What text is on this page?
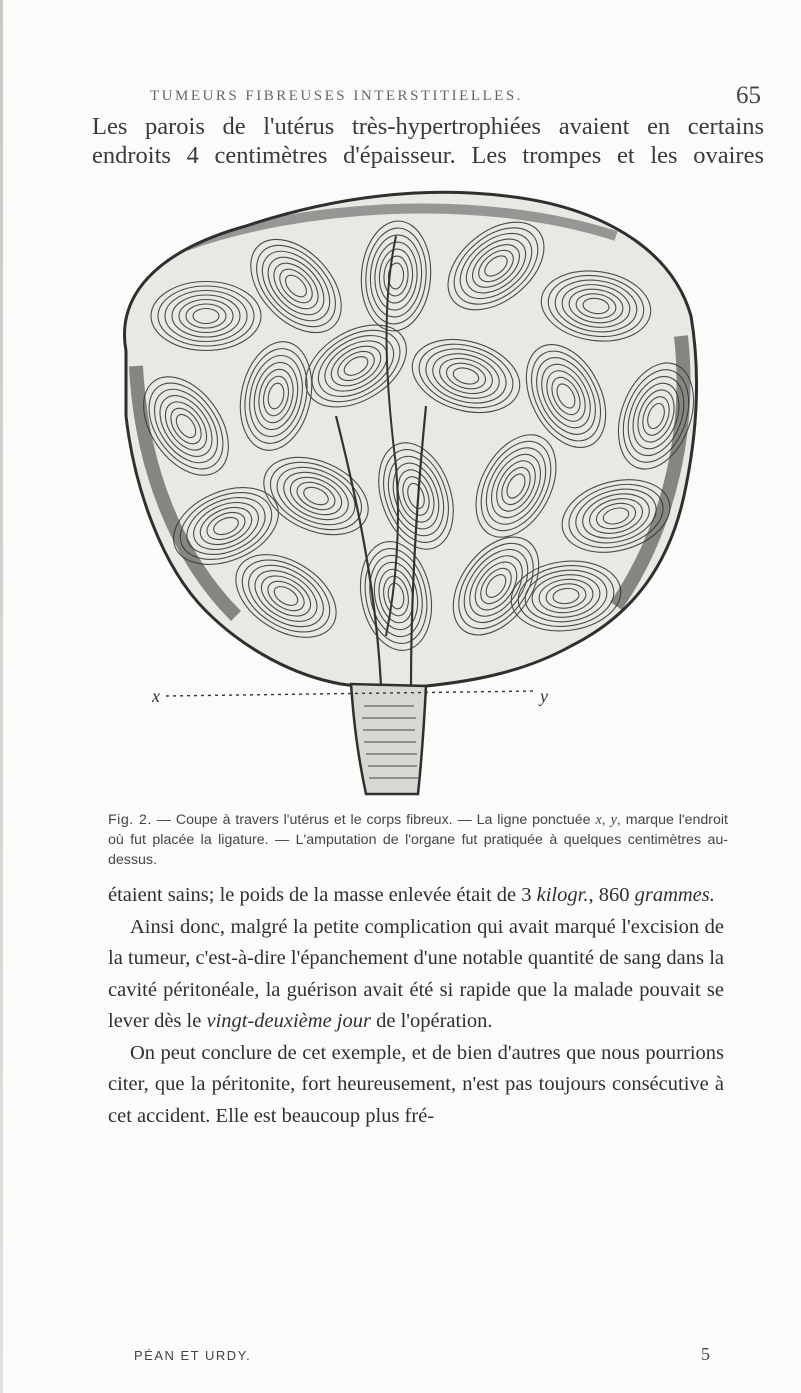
TUMEURS FIBREUSES INTERSTITIELLES.	65
Les parois de l'utérus très-hypertrophiées avaient en certains
endroits 4 centimètres d'épaisseur. Les trompes et les ovaires
x	y
Fig. 2. — Coupe à travers l'utérus et le corps fibreux. — La ligne ponctuée x, y, marque l'endroit où fut placée la ligature. — L'amputation de l'organe fut pratiquée à quelques centimètres au-dessus.

étaient sains; le poids de la masse enlevée était de 3 kilogr., 860 grammes.

Ainsi donc, malgré la petite complication qui avait marqué l'excision de la tumeur, c'est-à-dire l'épanchement d'une notable quantité de sang dans la cavité péritonéale, la guérison avait été si rapide que la malade pouvait se lever dès le vingt-deuxième jour de l'opération.

On peut conclure de cet exemple, et de bien d'autres que nous pourrions citer, que la péritonite, fort heureusement, n'est pas toujours consécutive à cet accident. Elle est beaucoup plus fré-

PÉAN ET URDY.	5
